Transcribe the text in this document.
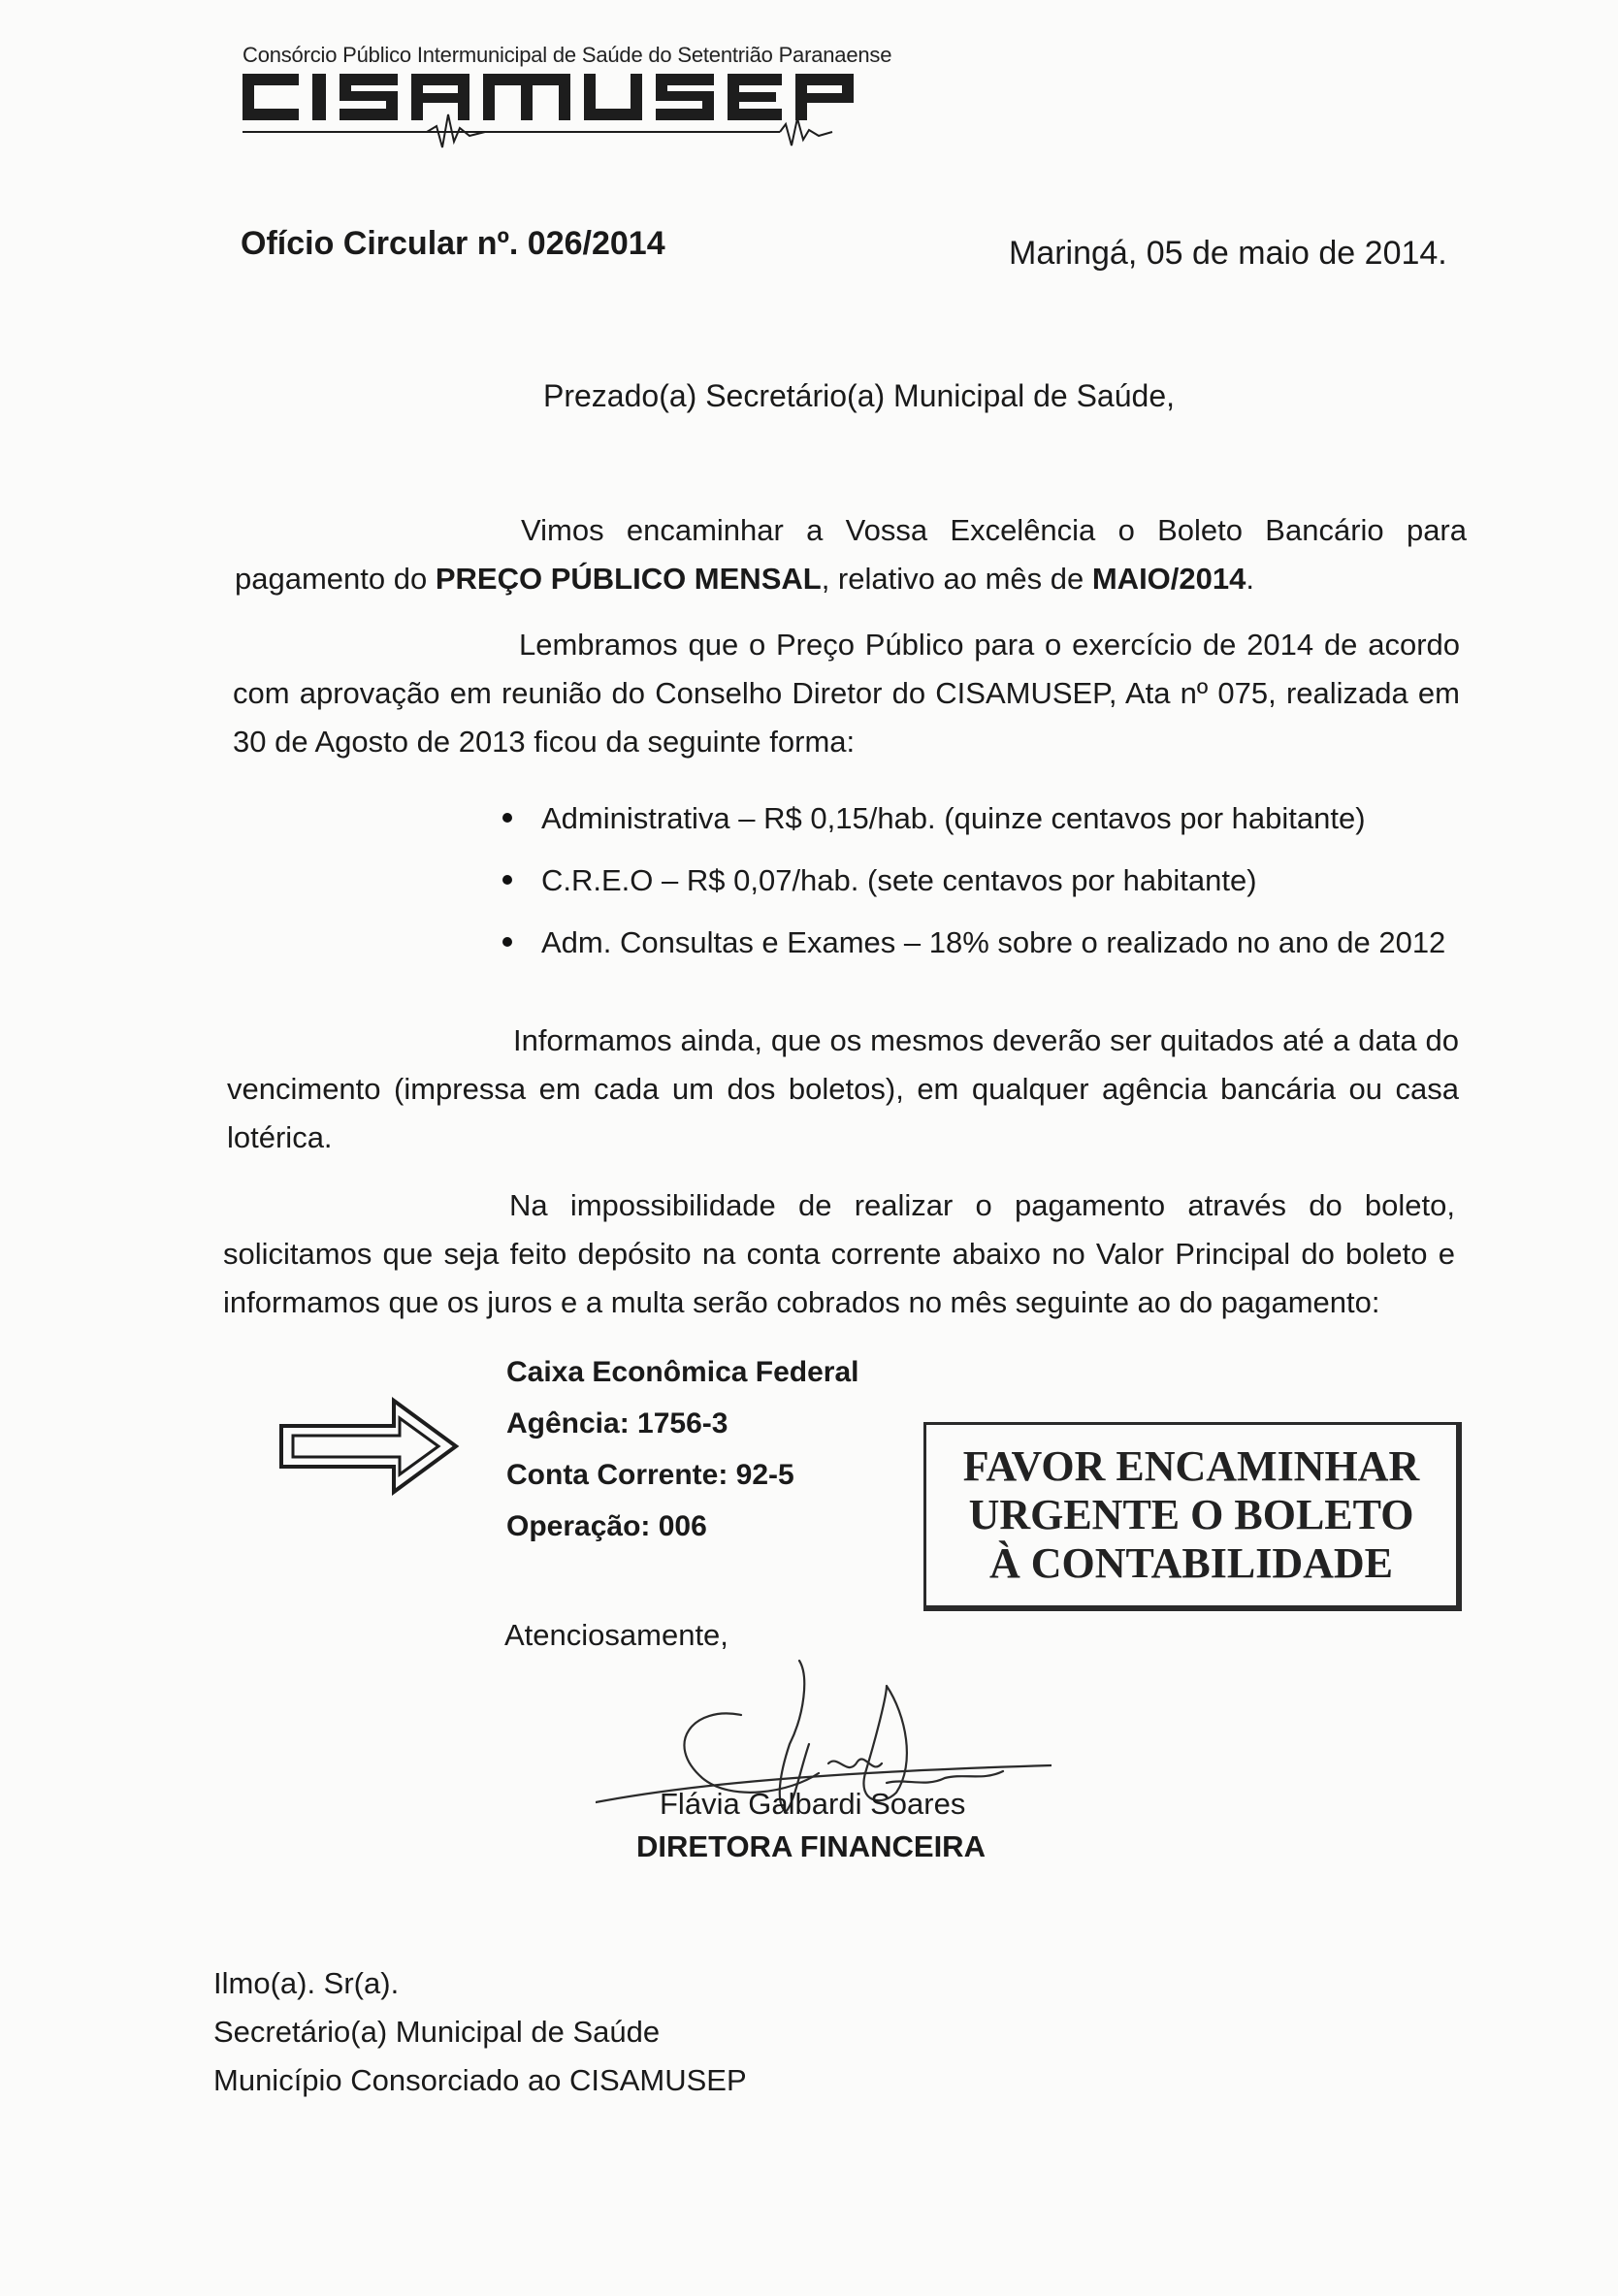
Consórcio Público Intermunicipal de Saúde do Setentrião Paranaense
Ofício Circular nº. 026/2014	Maringá, 05 de maio de 2014.
Prezado(a) Secretário(a) Municipal de Saúde,
Vimos encaminhar a Vossa Excelência o Boleto Bancário para pagamento do PREÇO PÚBLICO MENSAL, relativo ao mês de MAIO/2014.
Lembramos que o Preço Público para o exercício de 2014 de acordo com aprovação em reunião do Conselho Diretor do CISAMUSEP, Ata nº 075, realizada em 30 de Agosto de 2013 ficou da seguinte forma:
Administrativa – R$ 0,15/hab. (quinze centavos por habitante)
C.R.E.O – R$ 0,07/hab. (sete centavos por habitante)
Adm. Consultas e Exames – 18% sobre o realizado no ano de 2012
Informamos ainda, que os mesmos deverão ser quitados até a data do vencimento (impressa em cada um dos boletos), em qualquer agência bancária ou casa lotérica.
Na impossibilidade de realizar o pagamento através do boleto, solicitamos que seja feito depósito na conta corrente abaixo no Valor Principal do boleto e informamos que os juros e a multa serão cobrados no mês seguinte ao do pagamento:
Caixa Econômica Federal
Agência: 1756-3
Conta Corrente: 92-5
Operação: 006
FAVOR ENCAMINHAR
URGENTE O BOLETO
À CONTABILIDADE
Atenciosamente,
Flávia Galbardi Soares
DIRETORA FINANCEIRA
Ilmo(a). Sr(a).
Secretário(a) Municipal de Saúde
Município Consorciado ao CISAMUSEP
